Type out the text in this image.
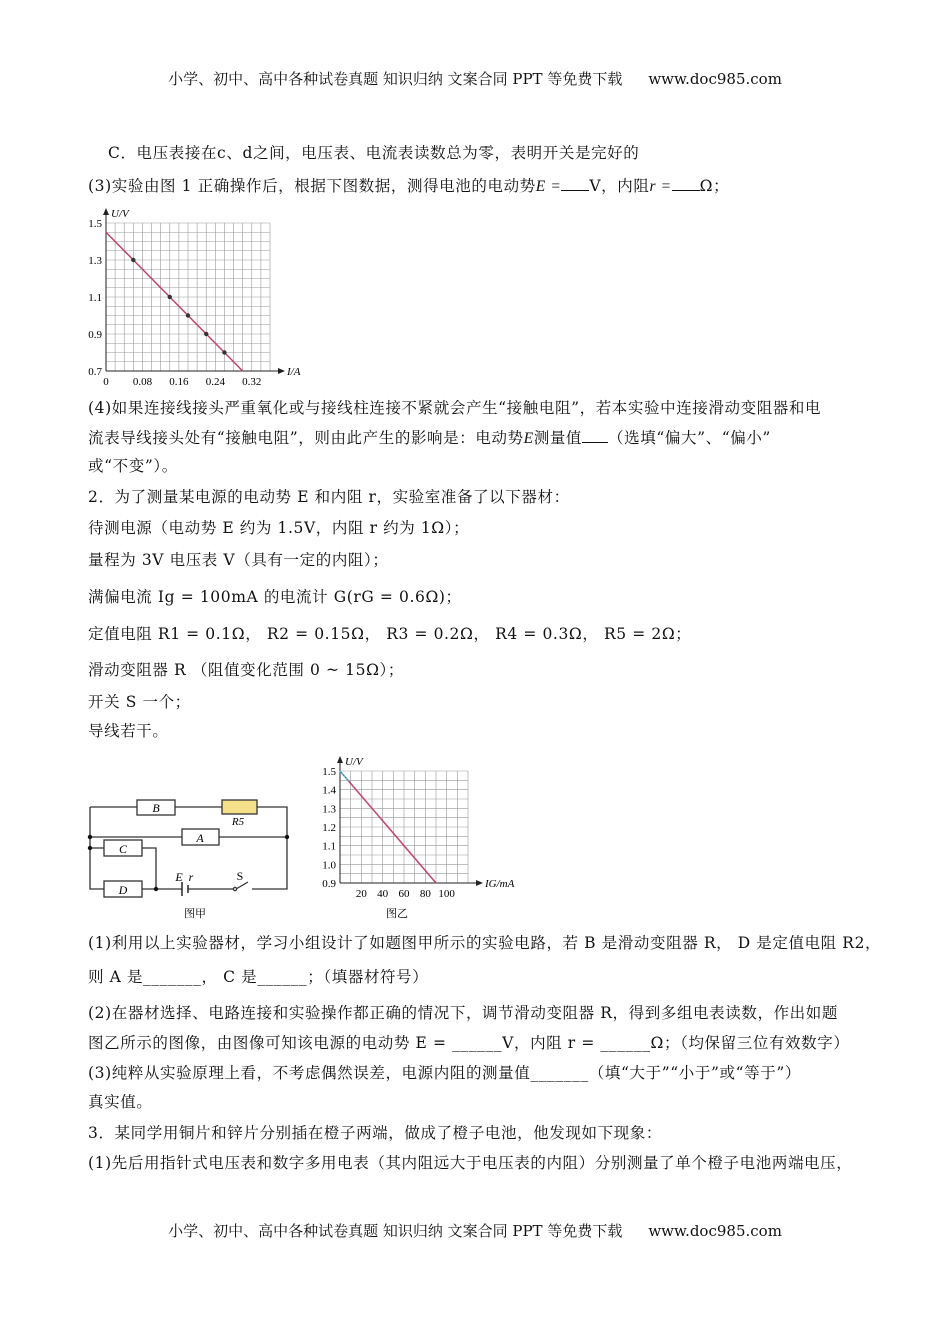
小学、初中、高中各种试卷真题 知识归纳 文案合同 PPT 等免费下载 www.doc985.com
C．电压表接在c、d之间，电压表、电流表读数总为零，表明开关是完好的
(3)实验由图 1 正确操作后，根据下图数据，测得电池的电动势E = V，内阻r = Ω；
0.7
0.9
1.1
1.3
1.5
0 0.08 0.16 0.24 0.32
U/V
I/A
(4)如果连接线接头严重氧化或与接线柱连接不紧就会产生“接触电阻”，若本实验中连接滑动变阻器和电
流表导线接头处有“接触电阻”，则由此产生的影响是：电动势E测量值 （选填“偏大”、“偏小”
或“不变”）。
2．为了测量某电源的电动势 E 和内阻 r，实验室准备了以下器材：
待测电源（电动势 E 约为 1.5V，内阻 r 约为 1Ω）；
量程为 3V 电压表 V（具有一定的内阻）；
满偏电流 Ig = 100mA 的电流计 G(rG = 0.6Ω)；
定值电阻 R1 = 0.1Ω， R2 = 0.15Ω， R3 = 0.2Ω， R4 = 0.3Ω， R5 = 2Ω；
滑动变阻器 R （阻值变化范围 0 ~ 15Ω）；
开关 S 一个；
导线若干。
B
R5
A
C
D
E r	S
图甲
0.9
1.0
1.1
1.2
1.3
1.4
1.5
20 40 60 80 100
U/V
IG/mA
图乙
(1)利用以上实验器材，学习小组设计了如题图甲所示的实验电路，若 B 是滑动变阻器 R， D 是定值电阻 R2，
则 A 是_______， C 是______；（填器材符号）
(2)在器材选择、电路连接和实验操作都正确的情况下，调节滑动变阻器 R，得到多组电表读数，作出如题
图乙所示的图像，由图像可知该电源的电动势 E = ______V，内阻 r = ______Ω；（均保留三位有效数字）
(3)纯粹从实验原理上看，不考虑偶然误差，电源内阻的测量值_______（填“大于”“小于”或“等于”）
真实值。
3．某同学用铜片和锌片分别插在橙子两端，做成了橙子电池，他发现如下现象：
(1)先后用指针式电压表和数字多用电表（其内阻远大于电压表的内阻）分别测量了单个橙子电池两端电压，
小学、初中、高中各种试卷真题 知识归纳 文案合同 PPT 等免费下载 www.doc985.com
